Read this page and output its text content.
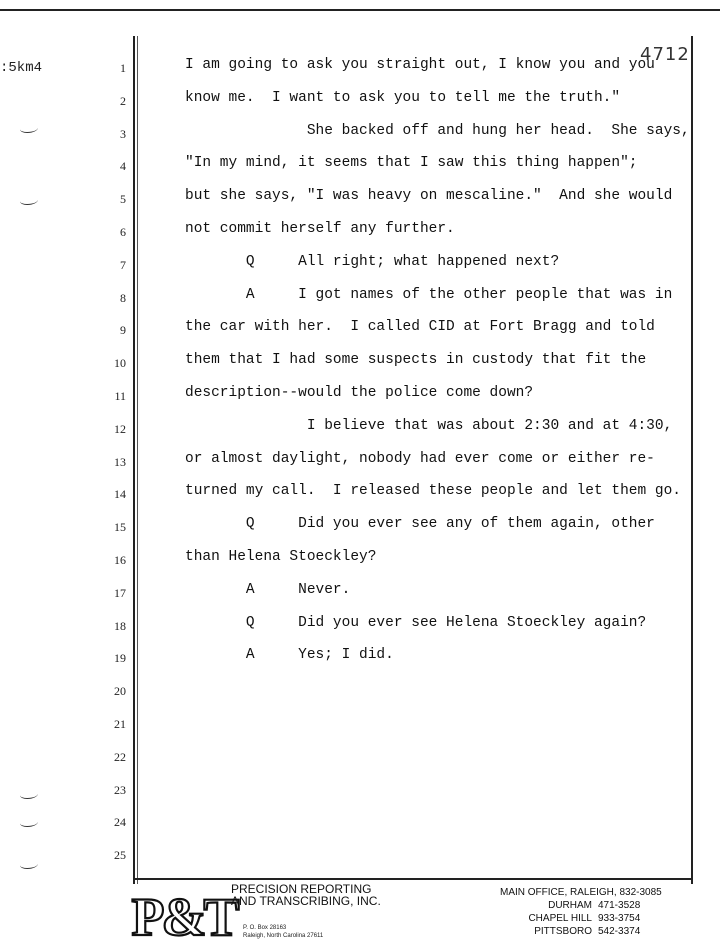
:5km4
4712
1	I am going to ask you straight out, I know you and you
2	know me.  I want to ask you to tell me the truth."
3	She backed off and hung her head.  She says,
4	"In my mind, it seems that I saw this thing happen";
5	but she says, "I was heavy on mescaline."  And she would
6	not commit herself any further.
7	Q     All right; what happened next?
8	A     I got names of the other people that was in
9	the car with her.  I called CID at Fort Bragg and told
10	them that I had some suspects in custody that fit the
11	description--would the police come down?
12	I believe that was about 2:30 and at 4:30,
13	or almost daylight, nobody had ever come or either re-
14	turned my call.  I released these people and let them go.
15	Q     Did you ever see any of them again, other
16	than Helena Stoeckley?
17	A     Never.
18	Q     Did you ever see Helena Stoeckley again?
19	A     Yes; I did.
20
21
22
23
24
25
P&T
PRECISION REPORTING
AND TRANSCRIBING, INC.
P. O. Box 28163
Raleigh, North Carolina 27611
MAIN OFFICE, RALEIGH, 832-3085
DURHAM 471-3528
CHAPEL HILL 933-3754
PITTSBORO 542-3374
